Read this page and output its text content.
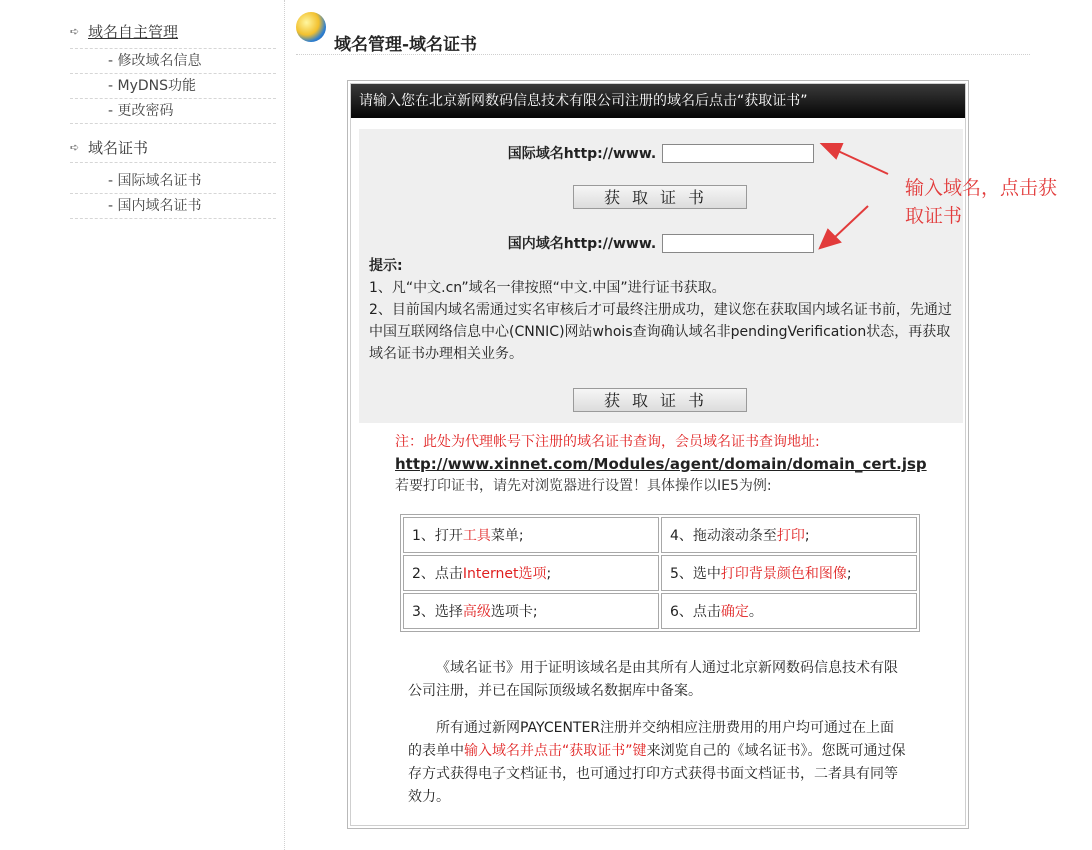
➪ 域名自主管理
- 修改域名信息
- MyDNS功能
- 更改密码
➪ 域名证书
- 国际域名证书
- 国内域名证书
域名管理-域名证书
请输入您在北京新网数码信息技术有限公司注册的域名后点击“获取证书”
国际域名http://www.
获取证书
国内域名http://www.
提示:
1、凡“中文.cn”域名一律按照“中文.中国”进行证书获取。
2、目前国内域名需通过实名审核后才可最终注册成功，建议您在获取国内域名证书前，先通过中国互联网络信息中心(CNNIC)网站whois查询确认域名非pendingVerification状态，再获取域名证书办理相关业务。
获取证书
注：此处为代理帐号下注册的域名证书查询，会员域名证书查询地址:
http://www.xinnet.com/Modules/agent/domain/domain_cert.jsp
若要打印证书，请先对浏览器进行设置！具体操作以IE5为例:
1、打开工具菜单;	4、拖动滚动条至打印;
2、点击Internet选项;	5、选中打印背景颜色和图像;
3、选择高级选项卡;	6、点击确定。
《域名证书》用于证明该域名是由其所有人通过北京新网数码信息技术有限公司注册，并已在国际顶级域名数据库中备案。
所有通过新网PAYCENTER注册并交纳相应注册费用的用户均可通过在上面的表单中输入域名并点击“获取证书”键来浏览自己的《域名证书》。您既可通过保存方式获得电子文档证书，也可通过打印方式获得书面文档证书，二者具有同等效力。
输入域名，点击获取证书
